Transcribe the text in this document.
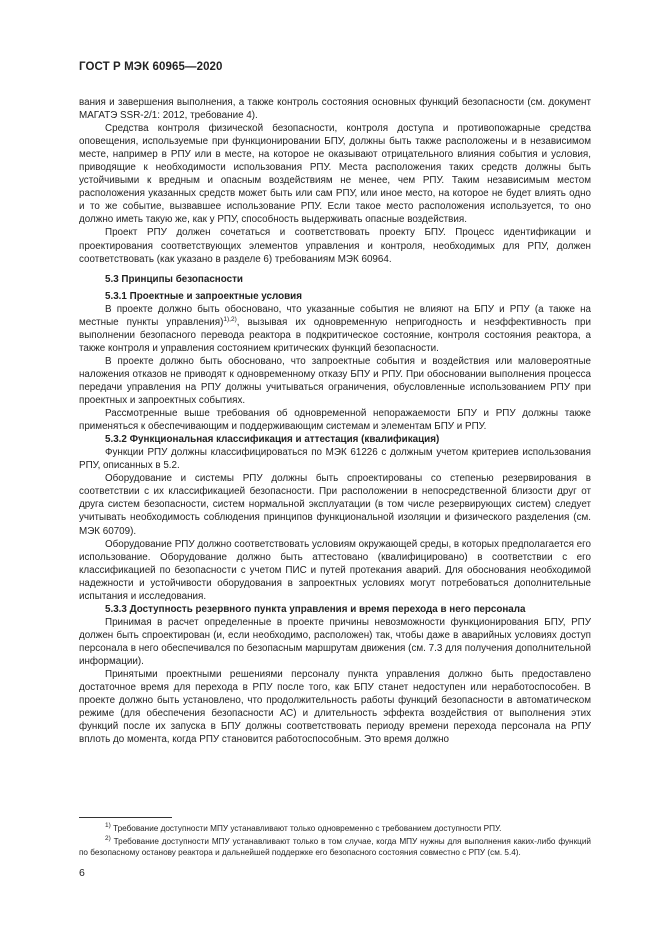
ГОСТ Р МЭК 60965—2020

вания и завершения выполнения, а также контроль состояния основных функций безопасности (см. документ МАГАТЭ SSR-2/1: 2012, требование 4).

Средства контроля физической безопасности, контроля доступа и противопожарные средства оповещения, используемые при функционировании БПУ, должны быть также расположены и в независимом месте, например в РПУ или в месте, на которое не оказывают отрицательного влияния события и условия, приводящие к необходимости использования РПУ. Места расположения таких средств должны быть устойчивыми к вредным и опасным воздействиям не менее, чем РПУ. Таким независимым местом расположения указанных средств может быть или сам РПУ, или иное место, на которое не будет влиять одно и то же событие, вызвавшее использование РПУ. Если такое место расположения используется, то оно должно иметь такую же, как у РПУ, способность выдерживать опасные воздействия.

Проект РПУ должен сочетаться и соответствовать проекту БПУ. Процесс идентификации и проектирования соответствующих элементов управления и контроля, необходимых для РПУ, должен соответствовать (как указано в разделе 6) требованиям МЭК 60964.

5.3 Принципы безопасности

5.3.1 Проектные и запроектные условия

В проекте должно быть обосновано, что указанные события не влияют на БПУ и РПУ (а также на местные пункты управления)$^{1),2)}$, вызывая их одновременную непригодность и неэффективность при выполнении безопасного перевода реактора в подкритическое состояние, контроля состояния реактора, а также контроля и управления состоянием критических функций безопасности.

В проекте должно быть обосновано, что запроектные события и воздействия или маловероятные наложения отказов не приводят к одновременному отказу БПУ и РПУ. При обосновании выполнения процесса передачи управления на РПУ должны учитываться ограничения, обусловленные использованием РПУ при проектных и запроектных событиях.

Рассмотренные выше требования об одновременной непоражаемости БПУ и РПУ должны также применяться к обеспечивающим и поддерживающим системам и элементам БПУ и РПУ.

5.3.2 Функциональная классификация и аттестация (квалификация)

Функции РПУ должны классифицироваться по МЭК 61226 с должным учетом критериев использования РПУ, описанных в 5.2.

Оборудование и системы РПУ должны быть спроектированы со степенью резервирования в соответствии с их классификацией безопасности. При расположении в непосредственной близости друг от друга систем безопасности, систем нормальной эксплуатации (в том числе резервирующих систем) следует учитывать необходимость соблюдения принципов функциональной изоляции и физического разделения (см. МЭК 60709).

Оборудование РПУ должно соответствовать условиям окружающей среды, в которых предполагается его использование. Оборудование должно быть аттестовано (квалифицировано) в соответствии с его классификацией по безопасности с учетом ПИС и путей протекания аварий. Для обоснования необходимой надежности и устойчивости оборудования в запроектных условиях могут потребоваться дополнительные испытания и исследования.

5.3.3 Доступность резервного пункта управления и время перехода в него персонала

Принимая в расчет определенные в проекте причины невозможности функционирования БПУ, РПУ должен быть спроектирован (и, если необходимо, расположен) так, чтобы даже в аварийных условиях доступ персонала в него обеспечивался по безопасным маршрутам движения (см. 7.3 для получения дополнительной информации).

Принятыми проектными решениями персоналу пункта управления должно быть предоставлено достаточное время для перехода в РПУ после того, как БПУ станет недоступен или неработоспособен. В проекте должно быть установлено, что продолжительность работы функций безопасности в автоматическом режиме (для обеспечения безопасности АС) и длительность эффекта воздействия от выполнения этих функций после их запуска в БПУ должны соответствовать периоду времени перехода персонала на РПУ вплоть до момента, когда РПУ становится работоспособным. Это время должно

$^{1)}$ Требование доступности МПУ устанавливают только одновременно с требованием доступности РПУ.

$^{2)}$ Требование доступности МПУ устанавливают только в том случае, когда МПУ нужны для выполнения каких-либо функций по безопасному останову реактора и дальнейшей поддержке его безопасного состояния совместно с РПУ (см. 5.4).

6
